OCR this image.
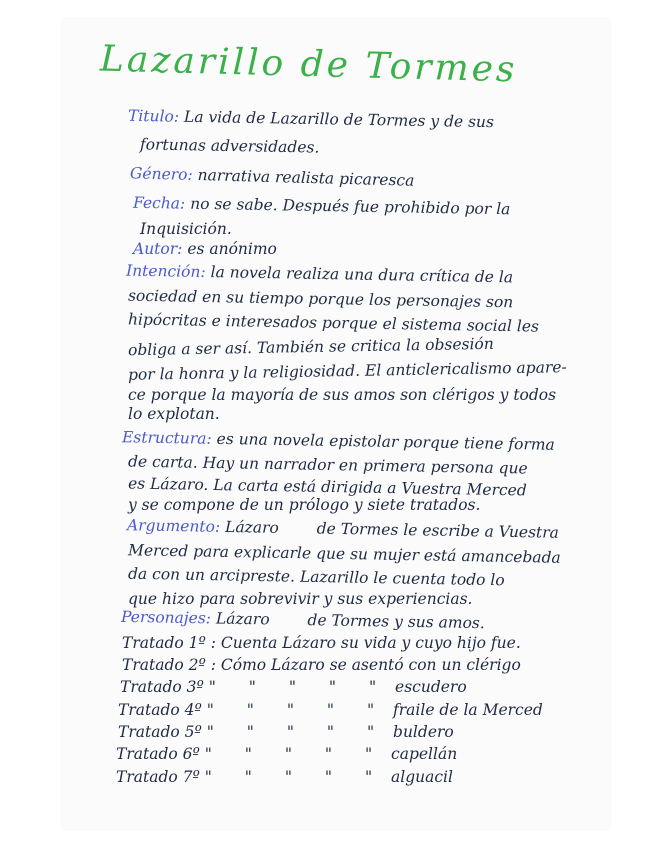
Lazarillo de Tormes
Titulo: La vida de Lazarillo de Tormes y de sus
fortunas adversidades.
Género: narrativa realista picaresca
Fecha: no se sabe. Después fue prohibido por la
Inquisición.
Autor: es anónimo
Intención: la novela realiza una dura crítica de la
sociedad en su tiempo porque los personajes son
hipócritas e interesados porque el sistema social les
obliga a ser así. También se critica la obsesión
por la honra y la religiosidad. El anticlericalismo apare-
ce porque la mayoría de sus amos son clérigos y todos
lo explotan.
Estructura: es una novela epistolar porque tiene forma
de carta. Hay un narrador en primera persona que
es Lázaro. La carta está dirigida a Vuestra Merced
y se compone de un prólogo y siete tratados.
Argumento: Lázaro de Tormes le escribe a Vuestra
Merced para explicarle que su mujer está amancebada
da con un arcipreste. Lazarillo le cuenta todo lo
que hizo para sobrevivir y sus experiencias.
Personajes: Lázaro de Tormes y sus amos.
Tratado 1º : Cuenta Lázaro su vida y cuyo hijo fue.
Tratado 2º : Cómo Lázaro se asentó con un clérigo
Tratado 3º " " " " " escudero
Tratado 4º " " " " " fraile de la Merced
Tratado 5º " " " " " buldero
Tratado 6º " " " " " capellán
Tratado 7º " " " " " alguacil
